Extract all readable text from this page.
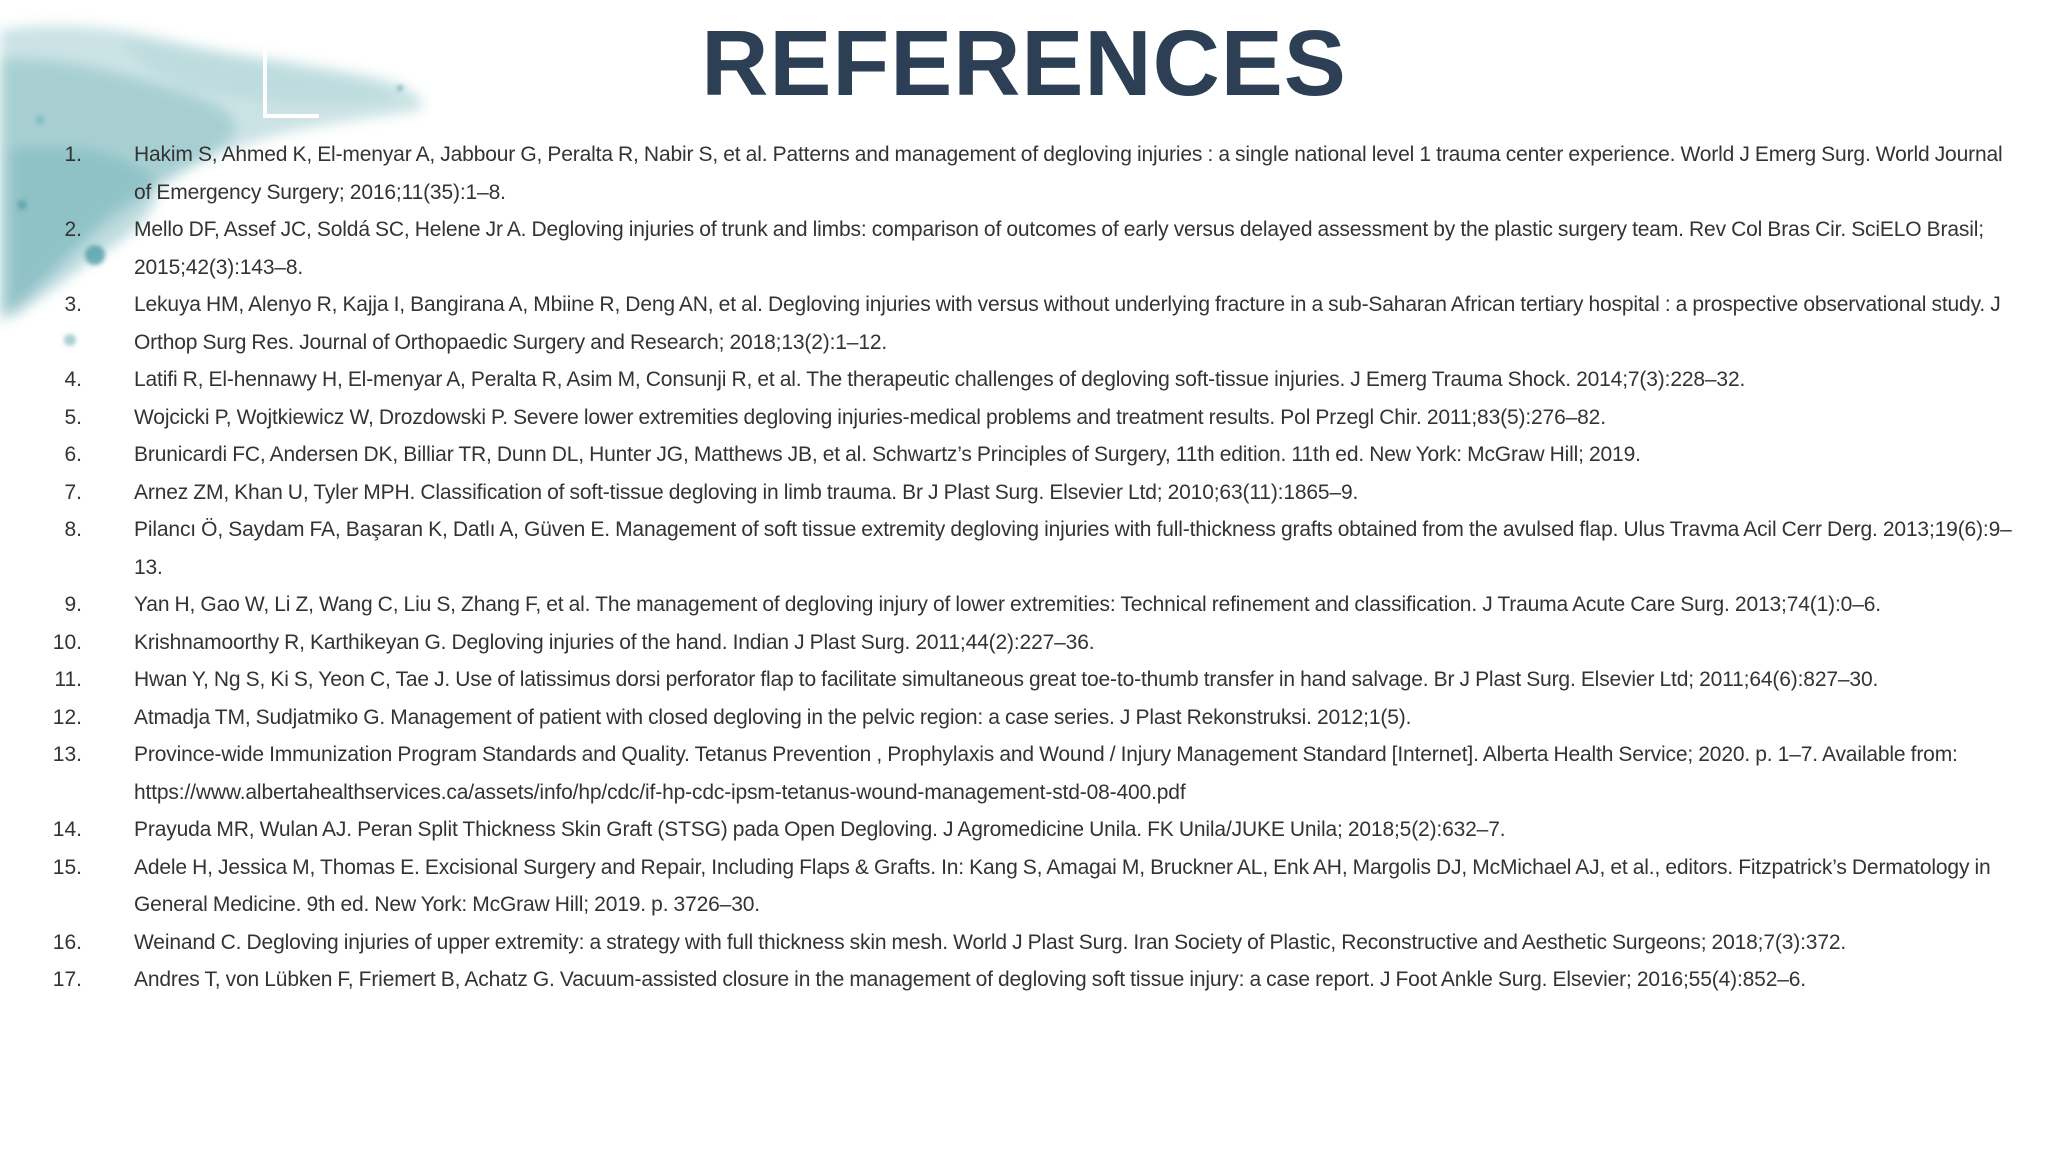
REFERENCES
1. Hakim S, Ahmed K, El-menyar A, Jabbour G, Peralta R, Nabir S, et al. Patterns and management of degloving injuries : a single national level 1 trauma center experience. World J Emerg Surg. World Journal of Emergency Surgery; 2016;11(35):1–8.
2. Mello DF, Assef JC, Soldá SC, Helene Jr A. Degloving injuries of trunk and limbs: comparison of outcomes of early versus delayed assessment by the plastic surgery team. Rev Col Bras Cir. SciELO Brasil; 2015;42(3):143–8.
3. Lekuya HM, Alenyo R, Kajja I, Bangirana A, Mbiine R, Deng AN, et al. Degloving injuries with versus without underlying fracture in a sub-Saharan African tertiary hospital : a prospective observational study. J Orthop Surg Res. Journal of Orthopaedic Surgery and Research; 2018;13(2):1–12.
4. Latifi R, El-hennawy H, El-menyar A, Peralta R, Asim M, Consunji R, et al. The therapeutic challenges of degloving soft-tissue injuries. J Emerg Trauma Shock. 2014;7(3):228–32.
5. Wojcicki P, Wojtkiewicz W, Drozdowski P. Severe lower extremities degloving injuries-medical problems and treatment results. Pol Przegl Chir. 2011;83(5):276–82.
6. Brunicardi FC, Andersen DK, Billiar TR, Dunn DL, Hunter JG, Matthews JB, et al. Schwartz’s Principles of Surgery, 11th edition. 11th ed. New York: McGraw Hill; 2019.
7. Arnez ZM, Khan U, Tyler MPH. Classification of soft-tissue degloving in limb trauma. Br J Plast Surg. Elsevier Ltd; 2010;63(11):1865–9.
8. Pilancı Ö, Saydam FA, Başaran K, Datlı A, Güven E. Management of soft tissue extremity degloving injuries with full-thickness grafts obtained from the avulsed flap. Ulus Travma Acil Cerr Derg. 2013;19(6):9–13.
9. Yan H, Gao W, Li Z, Wang C, Liu S, Zhang F, et al. The management of degloving injury of lower extremities: Technical refinement and classification. J Trauma Acute Care Surg. 2013;74(1):0–6.
10. Krishnamoorthy R, Karthikeyan G. Degloving injuries of the hand. Indian J Plast Surg. 2011;44(2):227–36.
11. Hwan Y, Ng S, Ki S, Yeon C, Tae J. Use of latissimus dorsi perforator flap to facilitate simultaneous great toe-to-thumb transfer in hand salvage. Br J Plast Surg. Elsevier Ltd; 2011;64(6):827–30.
12. Atmadja TM, Sudjatmiko G. Management of patient with closed degloving in the pelvic region: a case series. J Plast Rekonstruksi. 2012;1(5).
13. Province-wide Immunization Program Standards and Quality. Tetanus Prevention , Prophylaxis and Wound / Injury Management Standard [Internet]. Alberta Health Service; 2020. p. 1–7. Available from: https://www.albertahealthservices.ca/assets/info/hp/cdc/if-hp-cdc-ipsm-tetanus-wound-management-std-08-400.pdf
14. Prayuda MR, Wulan AJ. Peran Split Thickness Skin Graft (STSG) pada Open Degloving. J Agromedicine Unila. FK Unila/JUKE Unila; 2018;5(2):632–7.
15. Adele H, Jessica M, Thomas E. Excisional Surgery and Repair, Including Flaps & Grafts. In: Kang S, Amagai M, Bruckner AL, Enk AH, Margolis DJ, McMichael AJ, et al., editors. Fitzpatrick’s Dermatology in General Medicine. 9th ed. New York: McGraw Hill; 2019. p. 3726–30.
16. Weinand C. Degloving injuries of upper extremity: a strategy with full thickness skin mesh. World J Plast Surg. Iran Society of Plastic, Reconstructive and Aesthetic Surgeons; 2018;7(3):372.
17. Andres T, von Lübken F, Friemert B, Achatz G. Vacuum-assisted closure in the management of degloving soft tissue injury: a case report. J Foot Ankle Surg. Elsevier; 2016;55(4):852–6.
